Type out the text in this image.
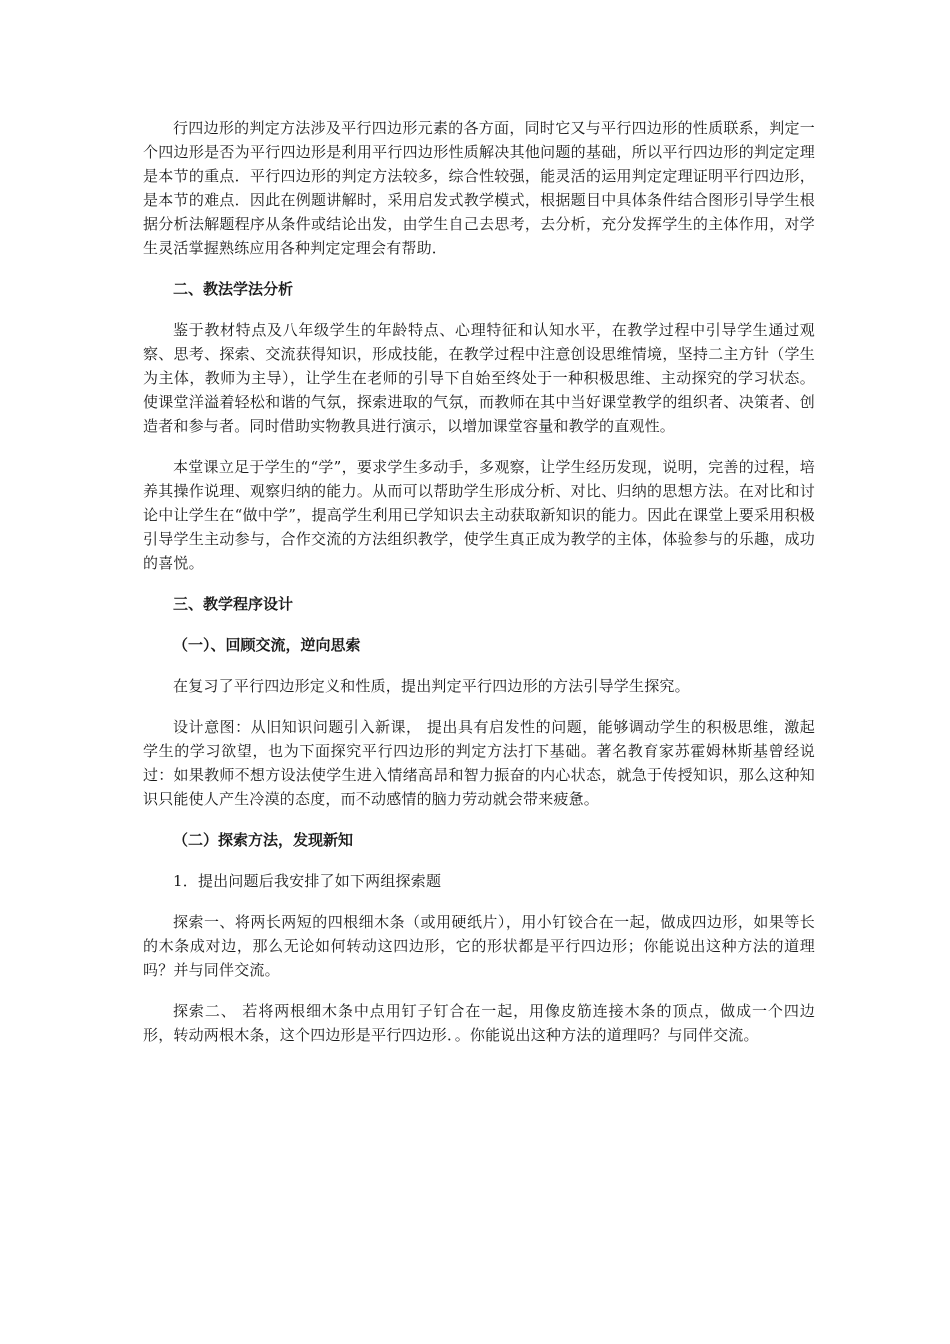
行四边形的判定方法涉及平行四边形元素的各方面，同时它又与平行四边形的性质联系，判定一个四边形是否为平行四边形是利用平行四边形性质解决其他问题的基础，所以平行四边形的判定定理是本节的重点．平行四边形的判定方法较多，综合性较强，能灵活的运用判定定理证明平行四边形，是本节的难点．因此在例题讲解时，采用启发式教学模式，根据题目中具体条件结合图形引导学生根据分析法解题程序从条件或结论出发，由学生自己去思考，去分析，充分发挥学生的主体作用，对学生灵活掌握熟练应用各种判定定理会有帮助．

二、教法学法分析

鉴于教材特点及八年级学生的年龄特点、心理特征和认知水平，在教学过程中引导学生通过观察、思考、探索、交流获得知识，形成技能，在教学过程中注意创设思维情境，坚持二主方针（学生为主体，教师为主导），让学生在老师的引导下自始至终处于一种积极思维、主动探究的学习状态。使课堂洋溢着轻松和谐的气氛，探索进取的气氛，而教师在其中当好课堂教学的组织者、决策者、创造者和参与者。同时借助实物教具进行演示，以增加课堂容量和教学的直观性。

本堂课立足于学生的“学”，要求学生多动手，多观察，让学生经历发现，说明，完善的过程，培养其操作说理、观察归纳的能力。从而可以帮助学生形成分析、对比、归纳的思想方法。在对比和讨论中让学生在“做中学”，提高学生利用已学知识去主动获取新知识的能力。因此在课堂上要采用积极引导学生主动参与，合作交流的方法组织教学，使学生真正成为教学的主体，体验参与的乐趣，成功的喜悦。

三、教学程序设计

（一）、回顾交流，逆向思索

在复习了平行四边形定义和性质，提出判定平行四边形的方法引导学生探究。

设计意图：从旧知识问题引入新课， 提出具有启发性的问题，能够调动学生的积极思维，激起学生的学习欲望，也为下面探究平行四边形的判定方法打下基础。著名教育家苏霍姆林斯基曾经说过：如果教师不想方设法使学生进入情绪高昂和智力振奋的内心状态，就急于传授知识，那么这种知识只能使人产生冷漠的态度，而不动感情的脑力劳动就会带来疲惫。

（二）探索方法，发现新知

1．提出问题后我安排了如下两组探索题

探索一、将两长两短的四根细木条（或用硬纸片），用小钉铰合在一起，做成四边形，如果等长的木条成对边，那么无论如何转动这四边形，它的形状都是平行四边形；你能说出这种方法的道理吗？并与同伴交流。

探索二、 若将两根细木条中点用钉子钉合在一起，用像皮筋连接木条的顶点，做成一个四边形，转动两根木条，这个四边形是平行四边形．。你能说出这种方法的道理吗？与同伴交流。
